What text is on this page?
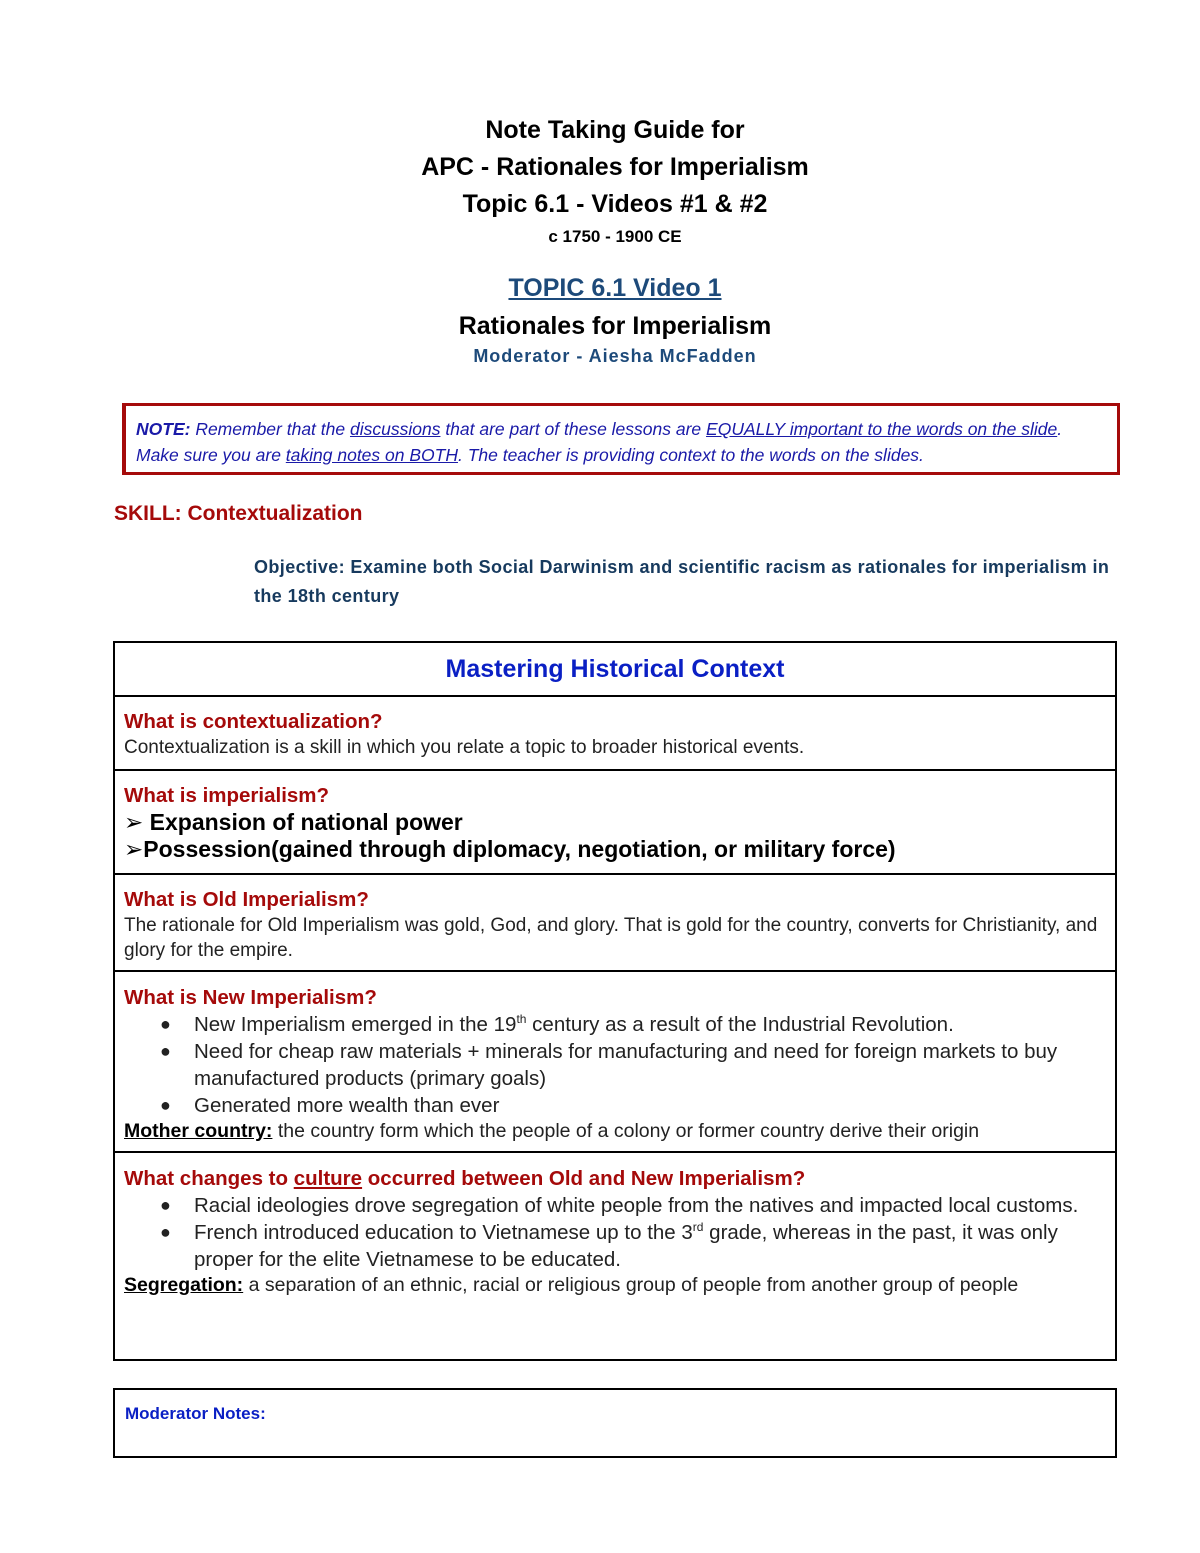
Note Taking Guide for
APC - Rationales for Imperialism
Topic 6.1 - Videos #1 & #2
c 1750 - 1900 CE
TOPIC 6.1 Video 1
Rationales for Imperialism
Moderator - Aiesha McFadden
NOTE: Remember that the discussions that are part of these lessons are EQUALLY important to the words on the slide. Make sure you are taking notes on BOTH. The teacher is providing context to the words on the slides.
SKILL: Contextualization
Objective: Examine both Social Darwinism and scientific racism as rationales for imperialism in the 18th century
Mastering Historical Context
What is contextualization?
Contextualization is a skill in which you relate a topic to broader historical events.
What is imperialism?
➢ Expansion of national power
➢Possession(gained through diplomacy, negotiation, or military force)
What is Old Imperialism?
The rationale for Old Imperialism was gold, God, and glory. That is gold for the country, converts for Christianity, and glory for the empire.
What is New Imperialism?
● New Imperialism emerged in the 19th century as a result of the Industrial Revolution.
● Need for cheap raw materials + minerals for manufacturing and need for foreign markets to buy manufactured products (primary goals)
● Generated more wealth than ever
Mother country: the country form which the people of a colony or former country derive their origin
What changes to culture occurred between Old and New Imperialism?
● Racial ideologies drove segregation of white people from the natives and impacted local customs.
● French introduced education to Vietnamese up to the 3rd grade, whereas in the past, it was only proper for the elite Vietnamese to be educated.
Segregation: a separation of an ethnic, racial or religious group of people from another group of people
Moderator Notes:
